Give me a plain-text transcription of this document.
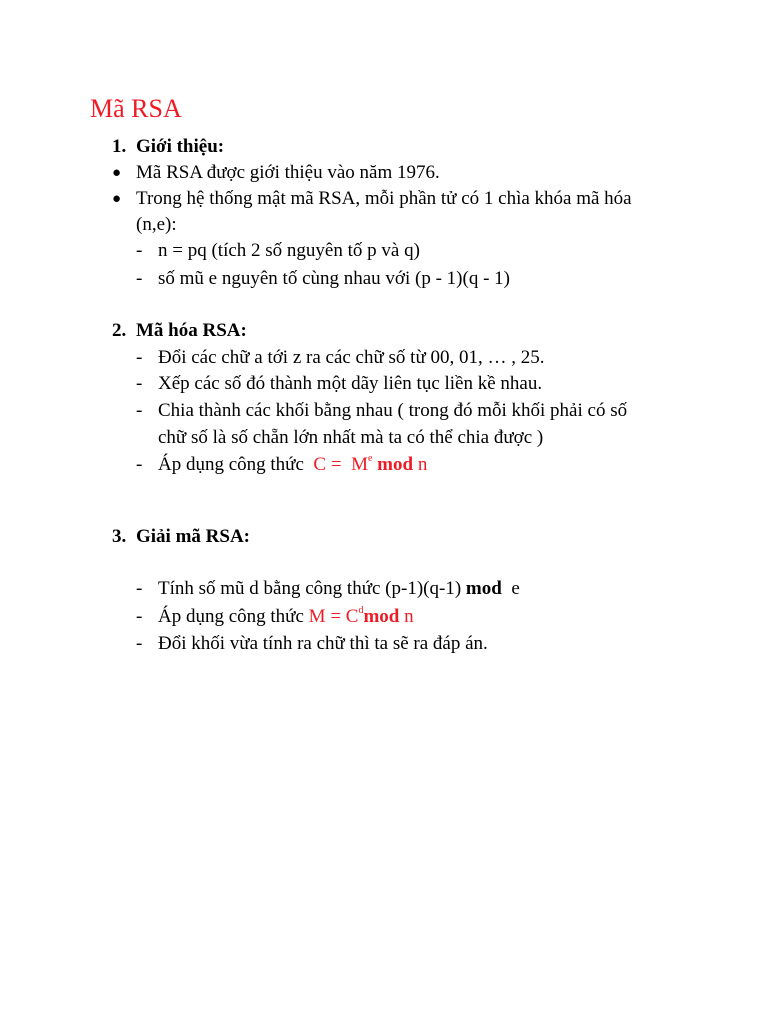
Mã RSA
1. Giới thiệu:
● Mã RSA được giới thiệu vào năm 1976.
● Trong hệ thống mật mã RSA, mỗi phần tử có 1 chìa khóa mã hóa
(n,e):
- n = pq (tích 2 số nguyên tố p và q)
- số mũ e nguyên tố cùng nhau với (p - 1)(q - 1)
2. Mã hóa RSA:
- Đổi các chữ a tới z ra các chữ số từ 00, 01, … , 25.
- Xếp các số đó thành một dãy liên tục liền kề nhau.
- Chia thành các khối bằng nhau ( trong đó mỗi khối phải có số
chữ số là số chẵn lớn nhất mà ta có thể chia được )
- Áp dụng công thức $C = M^e$ mod n
3. Giải mã RSA:
- Tính số mũ d bằng công thức (p-1)(q-1) mod e
- Áp dụng công thức $M = C^dmod$ n
- Đổi khối vừa tính ra chữ thì ta sẽ ra đáp án.
